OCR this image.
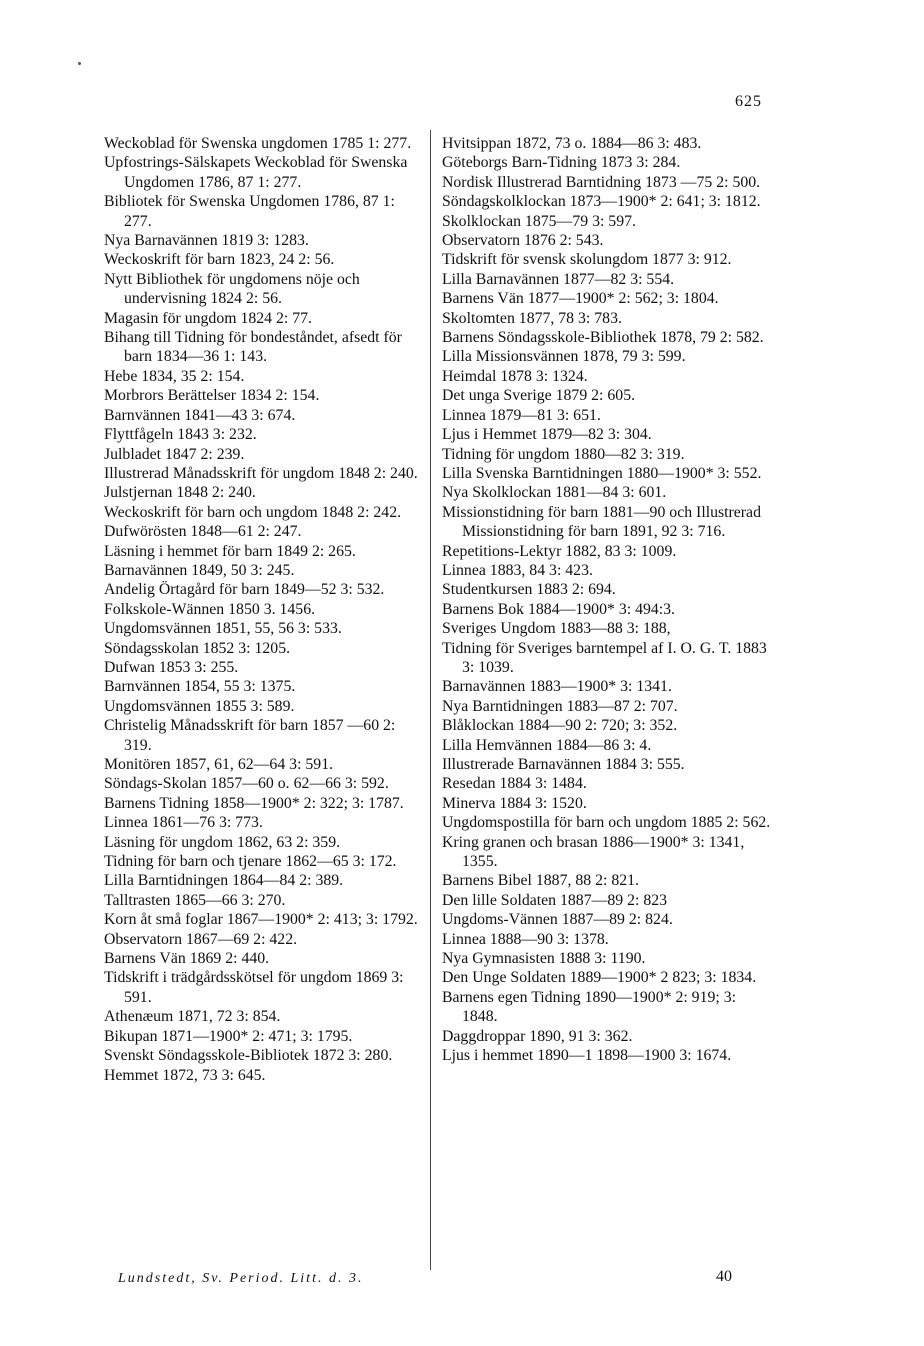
625
Weckoblad för Swenska ungdomen 1785 1: 277.
Upfostrings-Sälskapets Weckoblad för Swenska Ungdomen 1786, 87 1: 277.
Bibliotek för Swenska Ungdomen 1786, 87 1: 277.
Nya Barnavännen 1819 3: 1283.
Weckoskrift för barn 1823, 24 2: 56.
Nytt Bibliothek för ungdomens nöje och undervisning 1824 2: 56.
Magasin för ungdom 1824 2: 77.
Bihang till Tidning för bondeståndet, afsedt för barn 1834—36 1: 143.
Hebe 1834, 35 2: 154.
Morbrors Berättelser 1834 2: 154.
Barnvännen 1841—43 3: 674.
Flyttfågeln 1843 3: 232.
Julbladet 1847 2: 239.
Illustrerad Månadsskrift för ungdom 1848 2: 240.
Julstjernan 1848 2: 240.
Weckoskrift för barn och ungdom 1848 2: 242.
Dufwörösten 1848—61 2: 247.
Läsning i hemmet för barn 1849 2: 265.
Barnavännen 1849, 50 3: 245.
Andelig Örtagård för barn 1849—52 3: 532.
Folkskole-Wännen 1850 3. 1456.
Ungdomsvännen 1851, 55, 56 3: 533.
Söndagsskolan 1852 3: 1205.
Dufwan 1853 3: 255.
Barnvännen 1854, 55 3: 1375.
Ungdomsvännen 1855 3: 589.
Christelig Månadsskrift för barn 1857 —60 2: 319.
Monitören 1857, 61, 62—64 3: 591.
Söndags-Skolan 1857—60 o. 62—66 3: 592.
Barnens Tidning 1858—1900* 2: 322; 3: 1787.
Linnea 1861—76 3: 773.
Läsning för ungdom 1862, 63 2: 359.
Tidning för barn och tjenare 1862—65 3: 172.
Lilla Barntidningen 1864—84 2: 389.
Talltrasten 1865—66 3: 270.
Korn åt små foglar 1867—1900* 2: 413; 3: 1792.
Observatorn 1867—69 2: 422.
Barnens Vän 1869 2: 440.
Tidskrift i trädgårdsskötsel för ungdom 1869 3: 591.
Athenæum 1871, 72 3: 854.
Bikupan 1871—1900* 2: 471; 3: 1795.
Svenskt Söndagsskole-Bibliotek 1872 3: 280.
Hemmet 1872, 73 3: 645.
Hvitsippan 1872, 73 o. 1884—86 3: 483.
Göteborgs Barn-Tidning 1873 3: 284.
Nordisk Illustrerad Barntidning 1873 —75 2: 500.
Söndagskolklockan 1873—1900* 2: 641; 3: 1812.
Skolklockan 1875—79 3: 597.
Observatorn 1876 2: 543.
Tidskrift för svensk skolungdom 1877 3: 912.
Lilla Barnavännen 1877—82 3: 554.
Barnens Vän 1877—1900* 2: 562; 3: 1804.
Skoltomten 1877, 78 3: 783.
Barnens Söndagsskole-Bibliothek 1878, 79 2: 582.
Lilla Missionsvännen 1878, 79 3: 599.
Heimdal 1878 3: 1324.
Det unga Sverige 1879 2: 605.
Linnea 1879—81 3: 651.
Ljus i Hemmet 1879—82 3: 304.
Tidning för ungdom 1880—82 3: 319.
Lilla Svenska Barntidningen 1880—1900* 3: 552.
Nya Skolklockan 1881—84 3: 601.
Missionstidning för barn 1881—90 och Illustrerad Missionstidning för barn 1891, 92 3: 716.
Repetitions-Lektyr 1882, 83 3: 1009.
Linnea 1883, 84 3: 423.
Studentkursen 1883 2: 694.
Barnens Bok 1884—1900* 3: 494:3.
Sveriges Ungdom 1883—88 3: 188,
Tidning för Sveriges barntempel af I. O. G. T. 1883 3: 1039.
Barnavännen 1883—1900* 3: 1341.
Nya Barntidningen 1883—87 2: 707.
Blåklockan 1884—90 2: 720; 3: 352.
Lilla Hemvännen 1884—86 3: 4.
Illustrerade Barnavännen 1884 3: 555.
Resedan 1884 3: 1484.
Minerva 1884 3: 1520.
Ungdomspostilla för barn och ungdom 1885 2: 562.
Kring granen och brasan 1886—1900* 3: 1341, 1355.
Barnens Bibel 1887, 88 2: 821.
Den lille Soldaten 1887—89 2: 823
Ungdoms-Vännen 1887—89 2: 824.
Linnea 1888—90 3: 1378.
Nya Gymnasisten 1888 3: 1190.
Den Unge Soldaten 1889—1900* 2 823; 3: 1834.
Barnens egen Tidning 1890—1900* 2: 919; 3: 1848.
Daggdroppar 1890, 91 3: 362.
Ljus i hemmet 1890—1 1898—1900 3: 1674.
Lundstedt, Sv. Period. Litt. d. 3.	40
